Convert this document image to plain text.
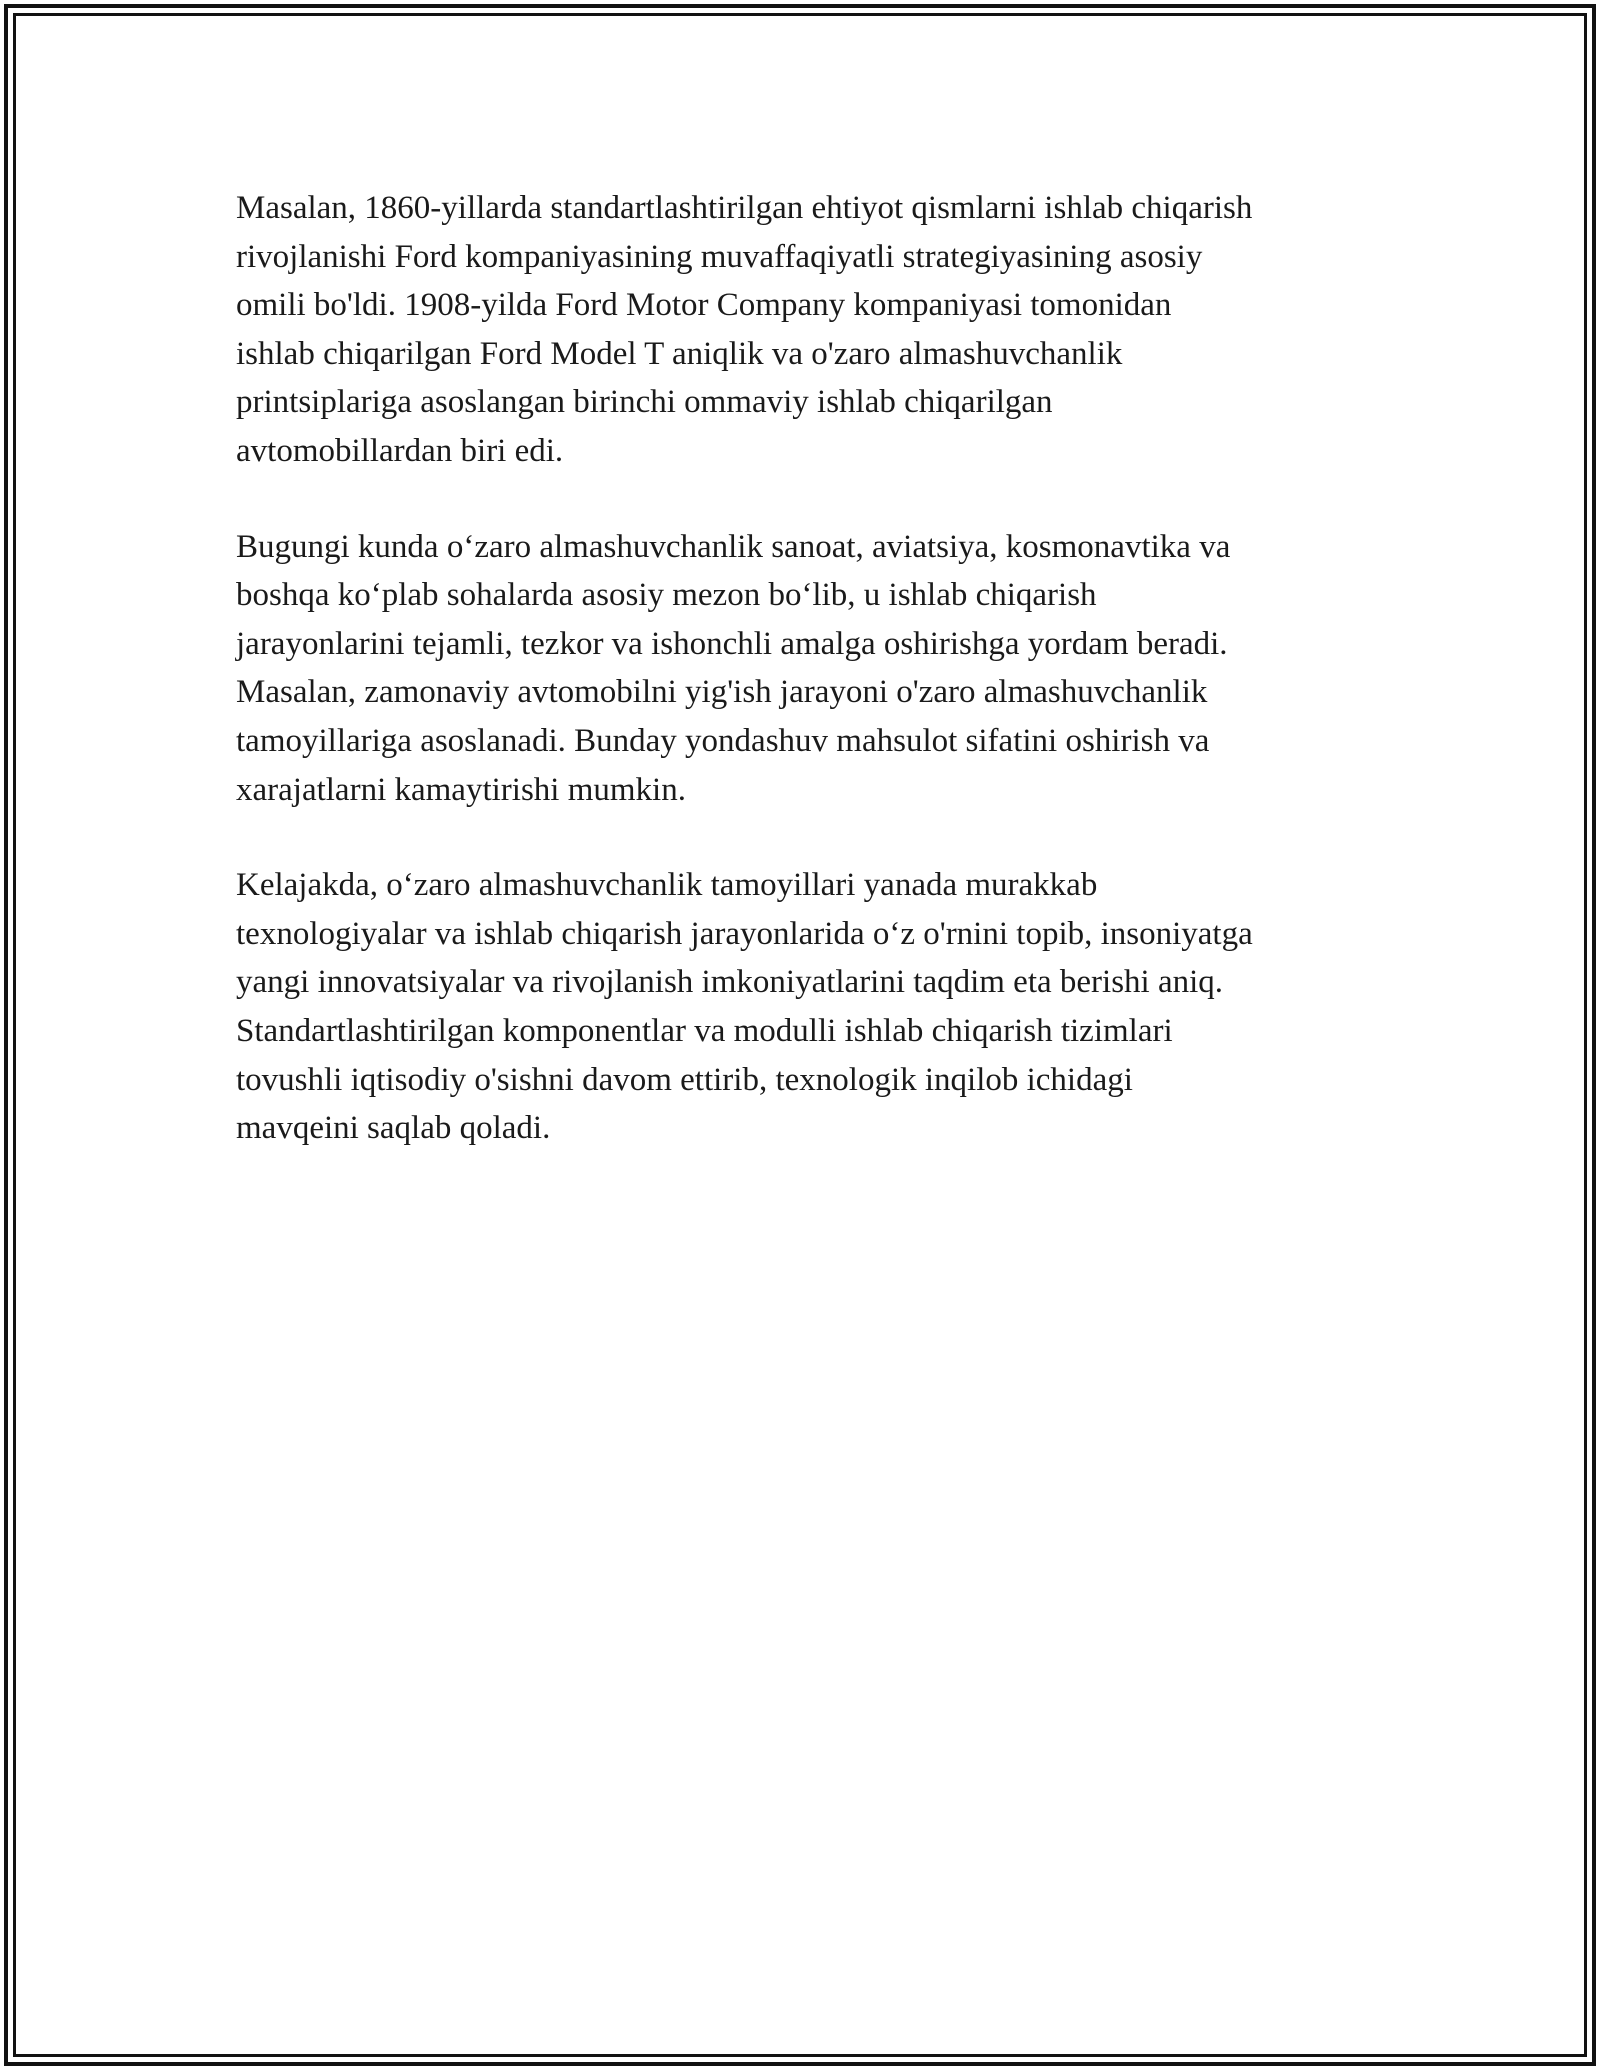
Masalan, 1860-yillarda standartlashtirilgan ehtiyot qismlarni ishlab chiqarish
rivojlanishi Ford kompaniyasining muvaffaqiyatli strategiyasining asosiy
omili bo'ldi. 1908-yilda Ford Motor Company kompaniyasi tomonidan
ishlab chiqarilgan Ford Model T aniqlik va o'zaro almashuvchanlik
printsiplariga asoslangan birinchi ommaviy ishlab chiqarilgan
avtomobillardan biri edi.

Bugungi kunda o‘zaro almashuvchanlik sanoat, aviatsiya, kosmonavtika va
boshqa ko‘plab sohalarda asosiy mezon bo‘lib, u ishlab chiqarish
jarayonlarini tejamli, tezkor va ishonchli amalga oshirishga yordam beradi.
Masalan, zamonaviy avtomobilni yig'ish jarayoni o'zaro almashuvchanlik
tamoyillariga asoslanadi. Bunday yondashuv mahsulot sifatini oshirish va
xarajatlarni kamaytirishi mumkin.

Kelajakda, o‘zaro almashuvchanlik tamoyillari yanada murakkab
texnologiyalar va ishlab chiqarish jarayonlarida o‘z o'rnini topib, insoniyatga
yangi innovatsiyalar va rivojlanish imkoniyatlarini taqdim eta berishi aniq.
Standartlashtirilgan komponentlar va modulli ishlab chiqarish tizimlari
tovushli iqtisodiy o'sishni davom ettirib, texnologik inqilob ichidagi
mavqeini saqlab qoladi.
